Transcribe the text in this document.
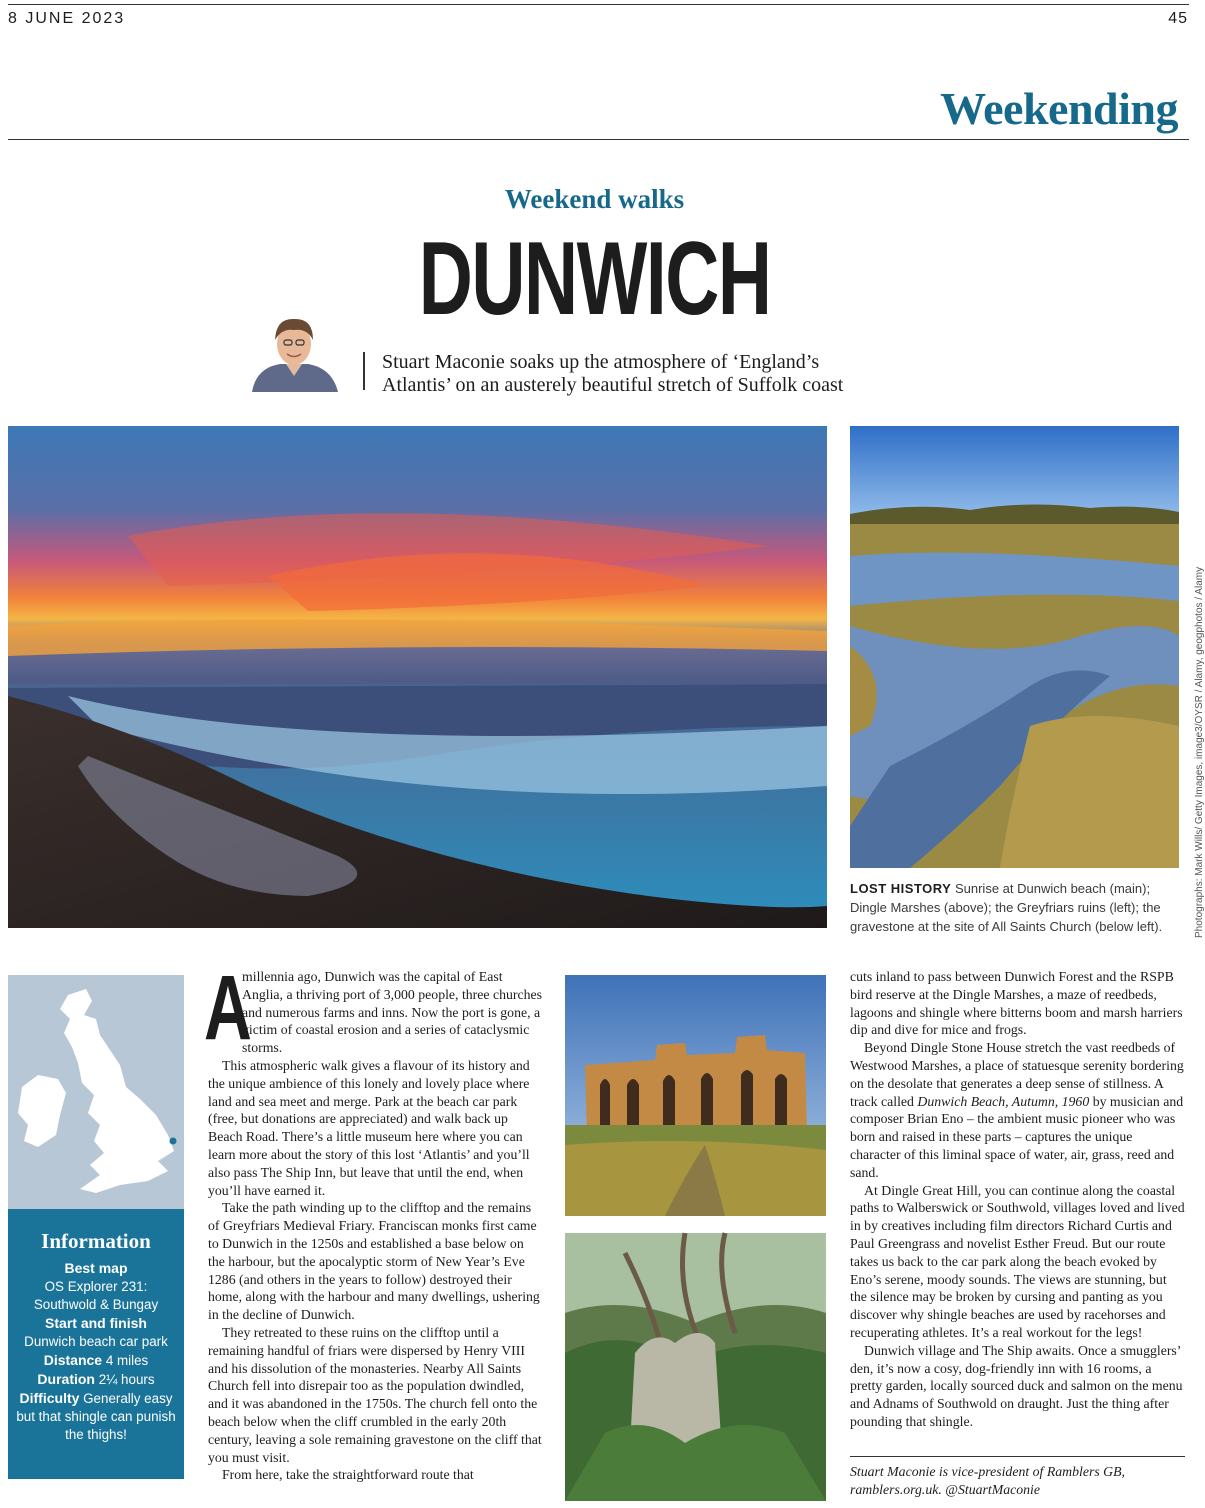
8 JUNE 2023	45
Weekending
Weekend walks
DUNWICH
Stuart Maconie soaks up the atmosphere of ‘England’s
Atlantis’ on an austerely beautiful stretch of Suffolk coast
Photographs: Mark Wills/ Getty Images, image3/OYSR / Alamy, geogphotos / Alamy
LOST HISTORY Sunrise at Dunwich beach (main); Dingle Marshes (above); the Greyfriars ruins (left); the gravestone at the site of All Saints Church (below left).
Information
Best map
OS Explorer 231: Southwold & Bungay
Start and finish
Dunwich beach car park
Distance 4 miles
Duration 2¼ hours
Difficulty Generally easy but that shingle can punish the thighs!
A

millennia ago, Dunwich was the capital of East Anglia, a thriving port of 3,000 people, three churches and numerous farms and inns. Now the port is gone, a victim of coastal erosion and a series of cataclysmic storms.

This atmospheric walk gives a flavour of its history and the unique ambience of this lonely and lovely place where land and sea meet and merge. Park at the beach car park (free, but donations are appreciated) and walk back up Beach Road. There’s a little museum here where you can learn more about the story of this lost ‘Atlantis’ and you’ll also pass The Ship Inn, but leave that until the end, when you’ll have earned it.

Take the path winding up to the clifftop and the remains of Greyfriars Medieval Friary. Franciscan monks first came to Dunwich in the 1250s and established a base below on the harbour, but the apocalyptic storm of New Year’s Eve 1286 (and others in the years to follow) destroyed their home, along with the harbour and many dwellings, ushering in the decline of Dunwich.

They retreated to these ruins on the clifftop until a remaining handful of friars were dispersed by Henry VIII and his dissolution of the monasteries. Nearby All Saints Church fell into disrepair too as the population dwindled, and it was abandoned in the 1750s. The church fell onto the beach below when the cliff crumbled in the early 20th century, leaving a sole remaining gravestone on the cliff that you must visit.

From here, take the straightforward route that

cuts inland to pass between Dunwich Forest and the RSPB bird reserve at the Dingle Marshes, a maze of reedbeds, lagoons and shingle where bitterns boom and marsh harriers dip and dive for mice and frogs.

Beyond Dingle Stone House stretch the vast reedbeds of Westwood Marshes, a place of statuesque serenity bordering on the desolate that generates a deep sense of stillness. A track called Dunwich Beach, Autumn, 1960 by musician and composer Brian Eno – the ambient music pioneer who was born and raised in these parts – captures the unique character of this liminal space of water, air, grass, reed and sand.

At Dingle Great Hill, you can continue along the coastal paths to Walberswick or Southwold, villages loved and lived in by creatives including film directors Richard Curtis and Paul Greengrass and novelist Esther Freud. But our route takes us back to the car park along the beach evoked by Eno’s serene, moody sounds. The views are stunning, but the silence may be broken by cursing and panting as you discover why shingle beaches are used by racehorses and recuperating athletes. It’s a real workout for the legs!

Dunwich village and The Ship awaits. Once a smugglers’ den, it’s now a cosy, dog-friendly inn with 16 rooms, a pretty garden, locally sourced duck and salmon on the menu and Adnams of Southwold on draught. Just the thing after pounding that shingle.

Stuart Maconie is vice-president of Ramblers GB,
ramblers.org.uk. @StuartMaconie
